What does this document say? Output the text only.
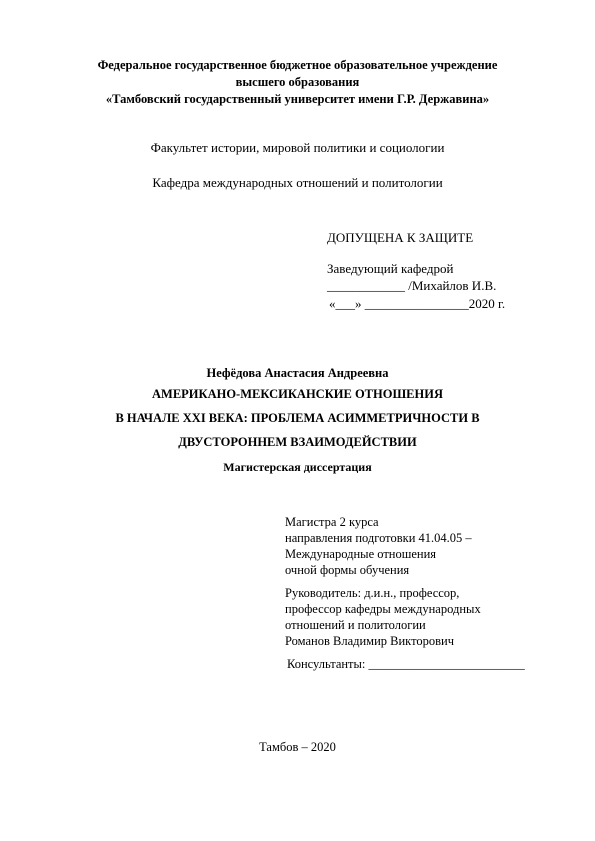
Федеральное государственное бюджетное образовательное учреждение
высшего образования
«Тамбовский государственный университет имени Г.Р. Державина»
Факультет истории, мировой политики и социологии
Кафедра международных отношений и политологии
ДОПУЩЕНА К ЗАЩИТЕ
Заведующий кафедрой
____________ /Михайлов И.В.
«___» ________________2020 г.
Нефёдова Анастасия Андреевна
АМЕРИКАНО-МЕКСИКАНСКИЕ ОТНОШЕНИЯ
В НАЧАЛЕ XXI ВЕКА: ПРОБЛЕМА АСИММЕТРИЧНОСТИ В
ДВУСТОРОННЕМ ВЗАИМОДЕЙСТВИИ
Магистерская диссертация
Магистра 2 курса
направления подготовки 41.04.05 –
Международные отношения
очной формы обучения
Руководитель: д.и.н., профессор,
профессор кафедры международных
отношений и политологии
Романов Владимир Викторович
Консультанты: _________________________
Тамбов – 2020
